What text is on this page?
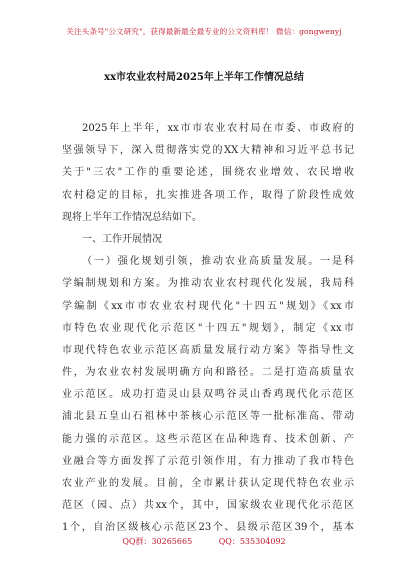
关注头条号"公文研究"，获得最新最全最专业的公文资料库！ 微信：gongwenyj
xx市农业农村局2025年上半年工作情况总结
2025年上半年，xx市市农业农村局在市委、市政府的
坚强领导下，深入贯彻落实党的XX大精神和习近平总书记
关于"三农"工作的重要论述，围绕农业增效、农民增收
农村稳定的目标，扎实推进各项工作，取得了阶段性成效
现将上半年工作情况总结如下。
一、工作开展情况
（一）强化规划引领，推动农业高质量发展。一是科
学编制规划和方案。为推动农业农村现代化发展，我局科
学编制《xx市市农业农村现代化"十四五"规划》《xx市
市特色农业现代化示范区"十四五"规划》，制定《xx市
市现代特色农业示范区高质量发展行动方案》等指导性文
件，为农业农村发展明确方向和路径。二是打造高质量农
业示范区。成功打造灵山县双鸣谷灵山香鸡现代化示范区
浦北县五皇山石祖林中茶核心示范区等一批标准高、带动
能力强的示范区。这些示范区在品种选育、技术创新、产
业融合等方面发挥了示范引领作用，有力推动了我市特色
农业产业的发展。目前，全市累计获认定现代特色农业示
范区（园、点）共xx个，其中，国家级农业现代化示范区
1个，自治区级核心示范区23个、县级示范区39个，基本
QQ群：30265665	QQ：535304092
